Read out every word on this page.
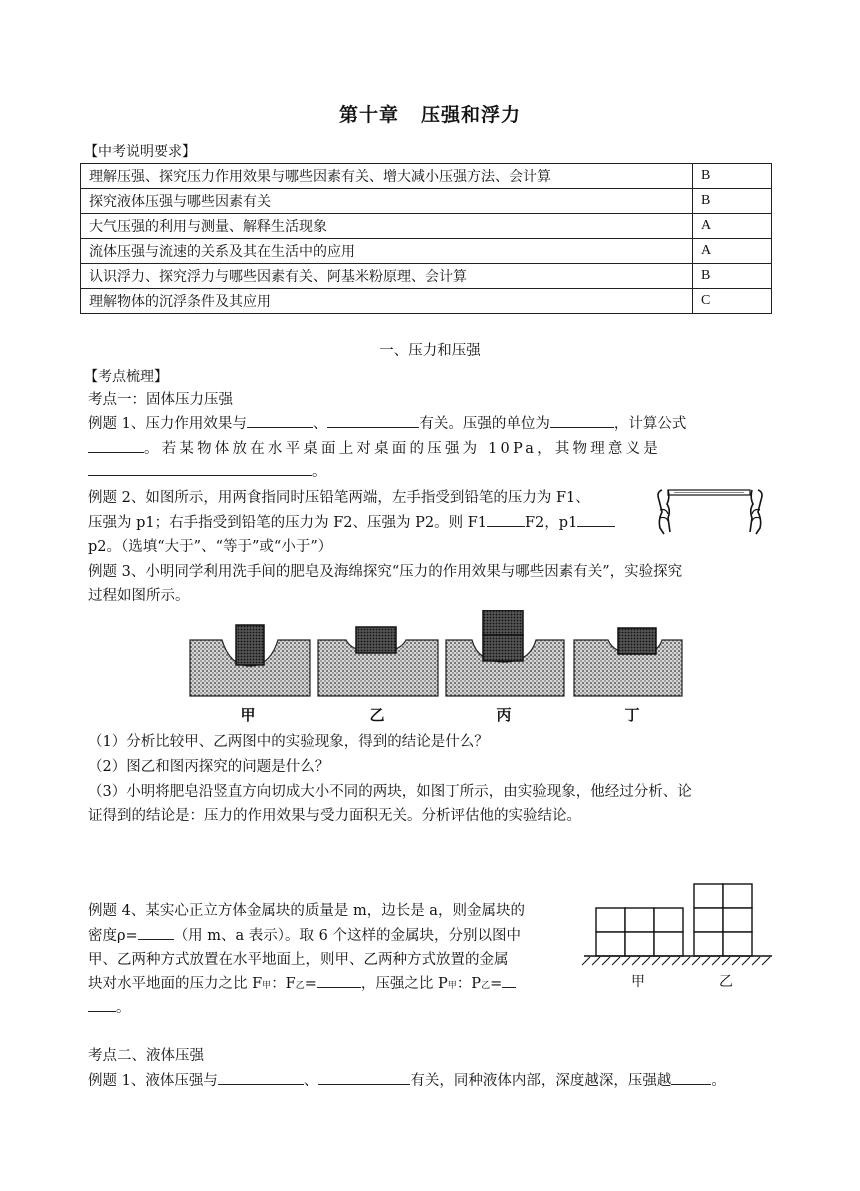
第十章 压强和浮力
【中考说明要求】
理解压强、探究压力作用效果与哪些因素有关、增大减小压强方法、会计算	B
探究液体压强与哪些因素有关	B
大气压强的利用与测量、解释生活现象	A
流体压强与流速的关系及其在生活中的应用	A
认识浮力、探究浮力与哪些因素有关、阿基米粉原理、会计算	B
理解物体的沉浮条件及其应用	C
一、压力和压强
【考点梳理】
考点一：固体压力压强
例题 1、压力作用效果与	、	有关。压强的单位为	，计算公式
。若某物体放在水平桌面上对桌面的压强为 10Pa，其物理意义是
。
例题 2、如图所示，用两食指同时压铅笔两端，左手指受到铅笔的压力为 F1、
压强为 p1；右手指受到铅笔的压力为 F2、压强为 P2。则 F1	F2，p1
p2。（选填“大于”、“等于”或“小于”）
例题 3、小明同学利用洗手间的肥皂及海绵探究“压力的作用效果与哪些因素有关”，实验探究
过程如图所示。
甲	乙	丙	丁
（1）分析比较甲、乙两图中的实验现象，得到的结论是什么？
（2）图乙和图丙探究的问题是什么？
（3）小明将肥皂沿竖直方向切成大小不同的两块，如图丁所示，由实验现象，他经过分析、论
证得到的结论是：压力的作用效果与受力面积无关。分析评估他的实验结论。
例题 4、某实心正立方体金属块的质量是 m，边长是 a，则金属块的
密度ρ= （用 m、a 表示）。取 6 个这样的金属块，分别以图中
甲、乙两种方式放置在水平地面上，则甲、乙两种方式放置的金属
块对水平地面的压力之比 F甲：F乙=	，压强之比 P甲：P乙=
。
甲	乙
考点二、液体压强
例题 1、液体压强与	、	有关，同种液体内部，深度越深，压强越	。
